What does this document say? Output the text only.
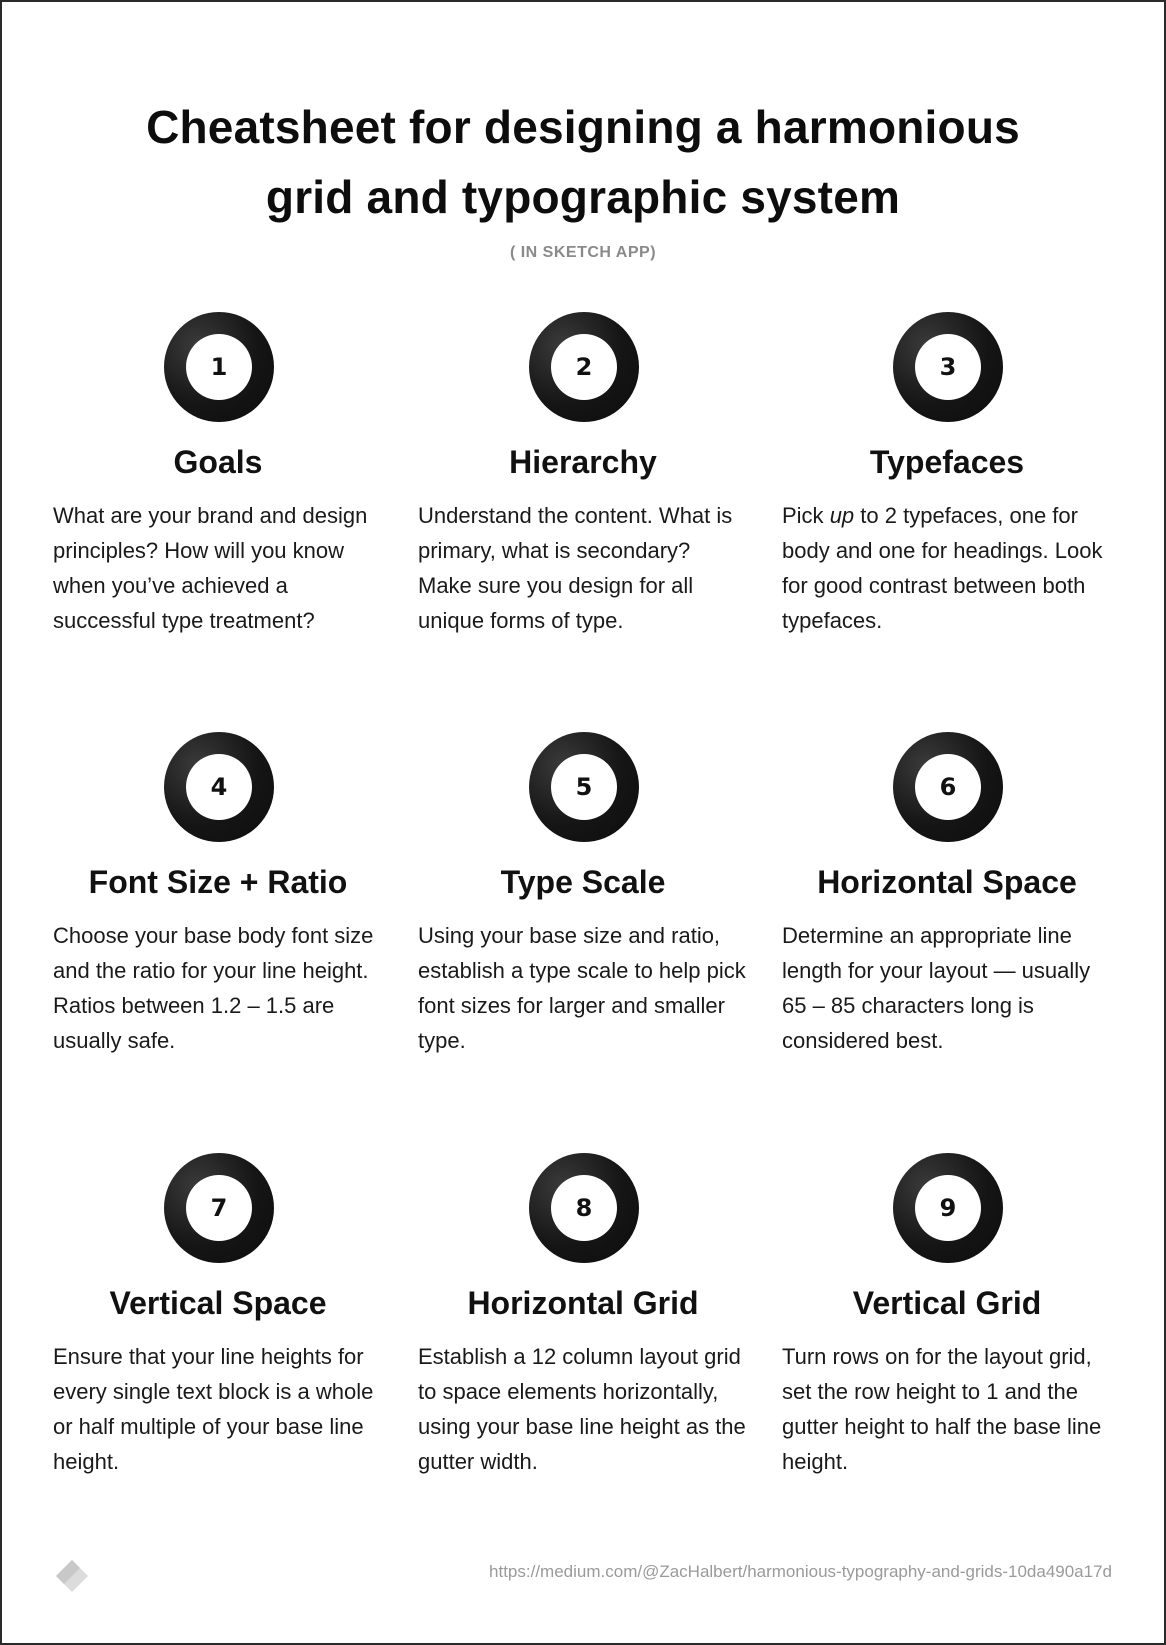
Cheatsheet for designing a harmonious
grid and typographic system
( IN SKETCH APP)
1
Goals
What are your brand and design principles? How will you know when you’ve achieved a successful type treatment?
2
Hierarchy
Understand the content. What is primary, what is secondary? Make sure you design for all unique forms of type.
3
Typefaces
Pick up to 2 typefaces, one for body and one for headings. Look for good contrast between both typefaces.
4
Font Size + Ratio
Choose your base body font size and the ratio for your line height. Ratios between 1.2 – 1.5 are usually safe.
5
Type Scale
Using your base size and ratio, establish a type scale to help pick font sizes for larger and smaller type.
6
Horizontal Space
Determine an appropriate line length for your layout — usually 65 – 85 characters long is considered best.
7
Vertical Space
Ensure that your line heights for every single text block is a whole or half multiple of your base line height.
8
Horizontal Grid
Establish a 12 column layout grid to space elements horizontally, using your base line height as the gutter width.
9
Vertical Grid
Turn rows on for the layout grid, set the row height to 1 and the gutter height to half the base line height.
https://medium.com/@ZacHalbert/harmonious-typography-and-grids-10da490a17d
